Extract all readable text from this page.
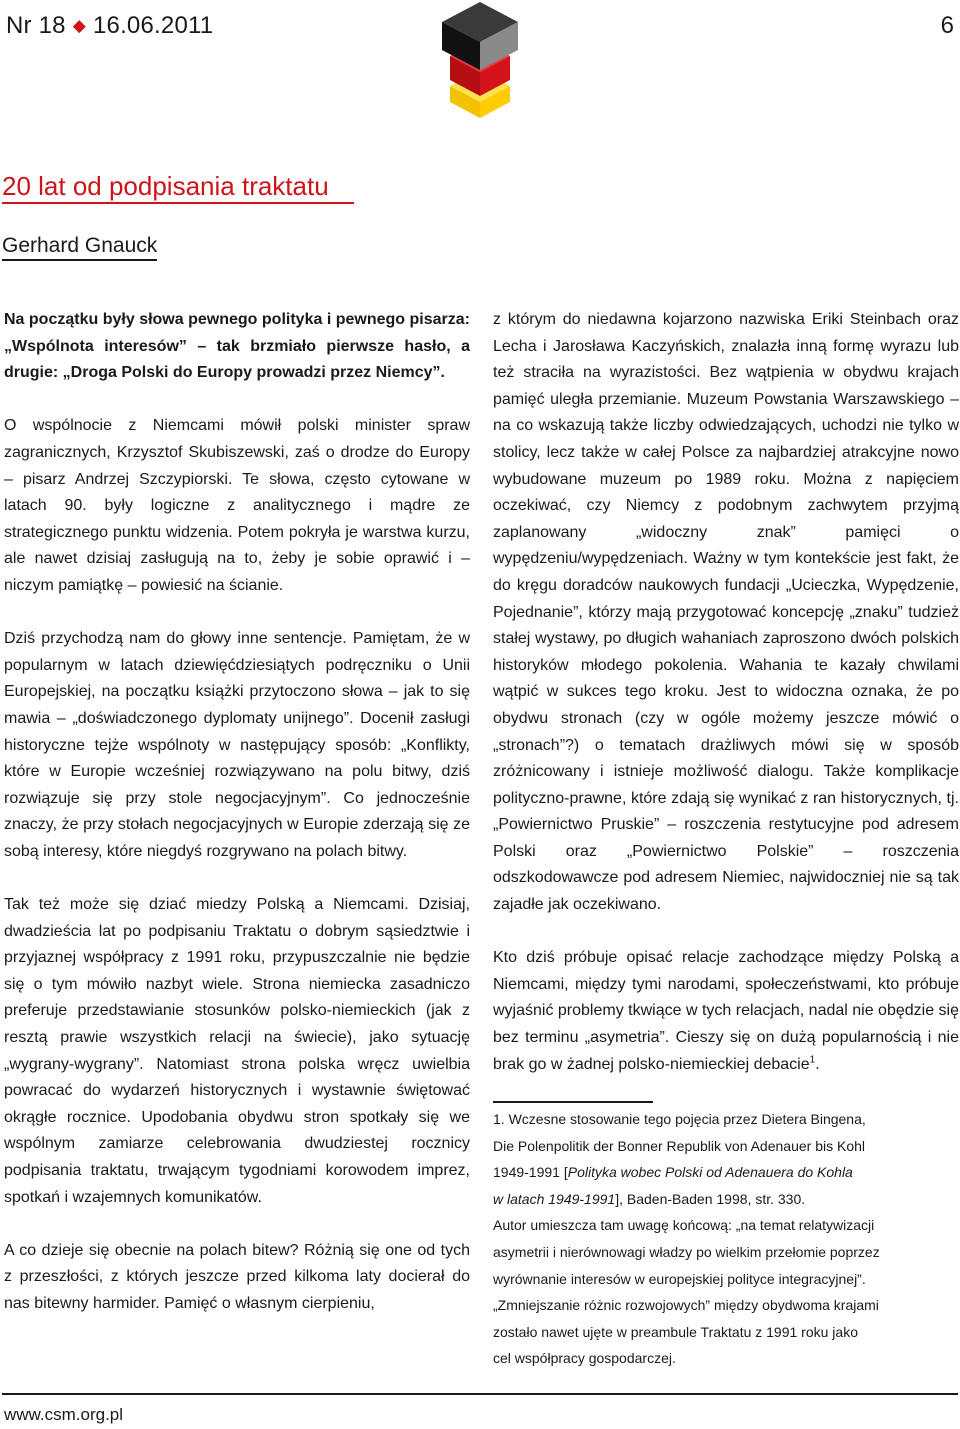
Nr 18 ◆ 16.06.2011	6
20 lat od podpisania traktatu
Gerhard Gnauck

Na początku były słowa pewnego polityka i pewnego pisarza: „Wspólnota interesów” – tak brzmiało pierwsze hasło, a drugie: „Droga Polski do Europy prowadzi przez Niemcy”.

O wspólnocie z Niemcami mówił polski minister spraw zagranicznych, Krzysztof Skubiszewski, zaś o drodze do Europy – pisarz Andrzej Szczypiorski. Te słowa, często cytowane w latach 90. były logiczne z analitycznego i mądre ze strategicznego punktu widzenia. Potem pokryła je warstwa kurzu, ale nawet dzisiaj zasługują na to, żeby je sobie oprawić i – niczym pamiątkę – powiesić na ścianie.

Dziś przychodzą nam do głowy inne sentencje. Pamiętam, że w popularnym w latach dziewięćdziesiątych podręczniku o Unii Europejskiej, na początku książki przytoczono słowa – jak to się mawia – „doświadczonego dyplomaty unijnego”. Docenił zasługi historyczne tejże wspólnoty w następujący sposób: „Konflikty, które w Europie wcześniej rozwiązywano na polu bitwy, dziś rozwiązuje się przy stole negocjacyjnym”. Co jednocześnie znaczy, że przy stołach negocjacyjnych w Europie zderzają się ze sobą interesy, które niegdyś rozgrywano na polach bitwy.

Tak też może się dziać miedzy Polską a Niemcami. Dzisiaj, dwadzieścia lat po podpisaniu Traktatu o dobrym sąsiedztwie i przyjaznej współpracy z 1991 roku, przypuszczalnie nie będzie się o tym mówiło nazbyt wiele. Strona niemiecka zasadniczo preferuje przedstawianie stosunków polsko-niemieckich (jak z resztą prawie wszystkich relacji na świecie), jako sytuację „wygrany-wygrany”. Natomiast strona polska wręcz uwielbia powracać do wydarzeń historycznych i wystawnie świętować okrągłe rocznice. Upodobania obydwu stron spotkały się we wspólnym zamiarze celebrowania dwudziestej rocznicy podpisania traktatu, trwającym tygodniami korowodem imprez, spotkań i wzajemnych komunikatów.

A co dzieje się obecnie na polach bitew? Różnią się one od tych z przeszłości, z których jeszcze przed kilkoma laty docierał do nas bitewny harmider. Pamięć o własnym cierpieniu,

z którym do niedawna kojarzono nazwiska Eriki Steinbach oraz Lecha i Jarosława Kaczyńskich, znalazła inną formę wyrazu lub też straciła na wyrazistości. Bez wątpienia w obydwu krajach pamięć uległa przemianie. Muzeum Powstania Warszawskiego – na co wskazują także liczby odwiedzających, uchodzi nie tylko w stolicy, lecz także w całej Polsce za najbardziej atrakcyjne nowo wybudowane muzeum po 1989 roku. Można z napięciem oczekiwać, czy Niemcy z podobnym zachwytem przyjmą zaplanowany „widoczny znak” pamięci o wypędzeniu/wypędzeniach. Ważny w tym kontekście jest fakt, że do kręgu doradców naukowych fundacji „Ucieczka, Wypędzenie, Pojednanie”, którzy mają przygotować koncepcję „znaku” tudzież stałej wystawy, po długich wahaniach zaproszono dwóch polskich historyków młodego pokolenia. Wahania te kazały chwilami wątpić w sukces tego kroku. Jest to widoczna oznaka, że po obydwu stronach (czy w ogóle możemy jeszcze mówić o „stronach”?) o tematach drażliwych mówi się w sposób zróżnicowany i istnieje możliwość dialogu. Także komplikacje polityczno-prawne, które zdają się wynikać z ran historycznych, tj. „Powiernictwo Pruskie” – roszczenia restytucyjne pod adresem Polski oraz „Powiernictwo Polskie” – roszczenia odszkodowawcze pod adresem Niemiec, najwidoczniej nie są tak zajadłe jak oczekiwano.

Kto dziś próbuje opisać relacje zachodzące między Polską a Niemcami, między tymi narodami, społeczeństwami, kto próbuje wyjaśnić problemy tkwiące w tych relacjach, nadal nie obędzie się bez terminu „asymetria”. Cieszy się on dużą popularnością i nie brak go w żadnej polsko-niemieckiej debacie$^1$.

1. Wczesne stosowanie tego pojęcia przez Dietera Bingena,

Die Polenpolitik der Bonner Republik von Adenauer bis Kohl

1949-1991 [Polityka wobec Polski od Adenauera do Kohla

w latach 1949-1991], Baden-Baden 1998, str. 330.

Autor umieszcza tam uwagę końcową: „na temat relatywizacji

asymetrii i nierównowagi władzy po wielkim przełomie poprzez

wyrównanie interesów w europejskiej polityce integracyjnej”.

„Zmniejszanie różnic rozwojowych” między obydwoma krajami

zostało nawet ujęte w preambule Traktatu z 1991 roku jako

cel współpracy gospodarczej.

www.csm.org.pl
